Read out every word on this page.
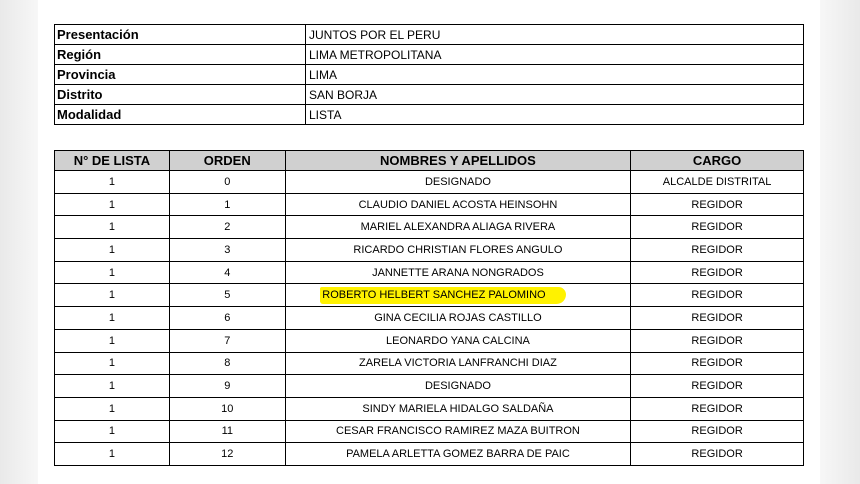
Presentación	JUNTOS POR EL PERU
Región	LIMA METROPOLITANA
Provincia	LIMA
Distrito	SAN BORJA
Modalidad	LISTA
N° DE LISTA	ORDEN	NOMBRES Y APELLIDOS	CARGO
1	0	DESIGNADO	ALCALDE DISTRITAL
1	1	CLAUDIO DANIEL ACOSTA HEINSOHN	REGIDOR
1	2	MARIEL ALEXANDRA ALIAGA RIVERA	REGIDOR
1	3	RICARDO CHRISTIAN FLORES ANGULO	REGIDOR
1	4	JANNETTE ARANA NONGRADOS	REGIDOR
1	5	ROBERTO HELBERT SANCHEZ PALOMINO	REGIDOR
1	6	GINA CECILIA ROJAS CASTILLO	REGIDOR
1	7	LEONARDO YANA CALCINA	REGIDOR
1	8	ZARELA VICTORIA LANFRANCHI DIAZ	REGIDOR
1	9	DESIGNADO	REGIDOR
1	10	SINDY MARIELA HIDALGO SALDAÑA	REGIDOR
1	11	CESAR FRANCISCO RAMIREZ MAZA BUITRON	REGIDOR
1	12	PAMELA ARLETTA GOMEZ BARRA DE PAIC	REGIDOR
